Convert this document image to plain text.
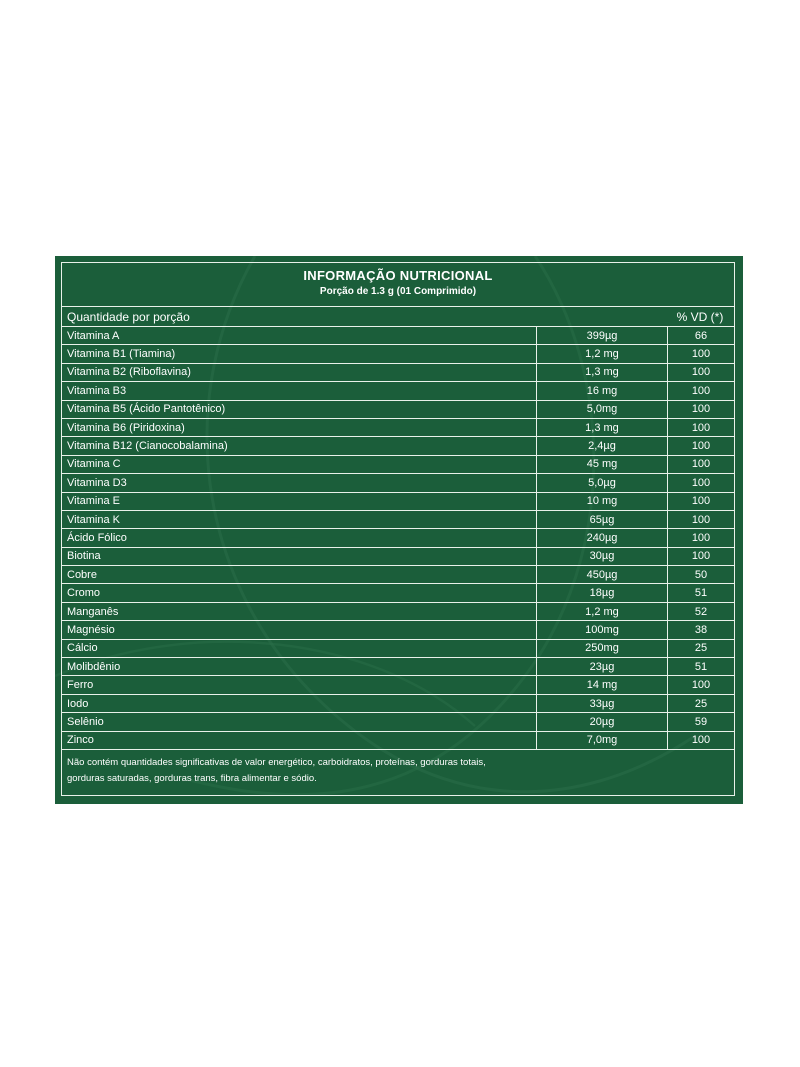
INFORMAÇÃO NUTRICIONAL
Porção de 1.3 g (01 Comprimido)
Quantidade por porção	% VD (*)
Vitamina A	399µg	66
Vitamina B1 (Tiamina)	1,2 mg	100
Vitamina B2 (Riboflavina)	1,3 mg	100
Vitamina B3	16 mg	100
Vitamina B5 (Ácido Pantotênico)	5,0mg	100
Vitamina B6 (Piridoxina)	1,3 mg	100
Vitamina B12 (Cianocobalamina)	2,4µg	100
Vitamina C	45 mg	100
Vitamina D3	5,0µg	100
Vitamina E	10 mg	100
Vitamina K	65µg	100
Ácido Fólico	240µg	100
Biotina	30µg	100
Cobre	450µg	50
Cromo	18µg	51
Manganês	1,2 mg	52
Magnésio	100mg	38
Cálcio	250mg	25
Molibdênio	23µg	51
Ferro	14 mg	100
Iodo	33µg	25
Selênio	20µg	59
Zinco	7,0mg	100
Não contém quantidades significativas de valor energético, carboidratos, proteínas, gorduras totais,
gorduras saturadas, gorduras trans, fibra alimentar e sódio.
